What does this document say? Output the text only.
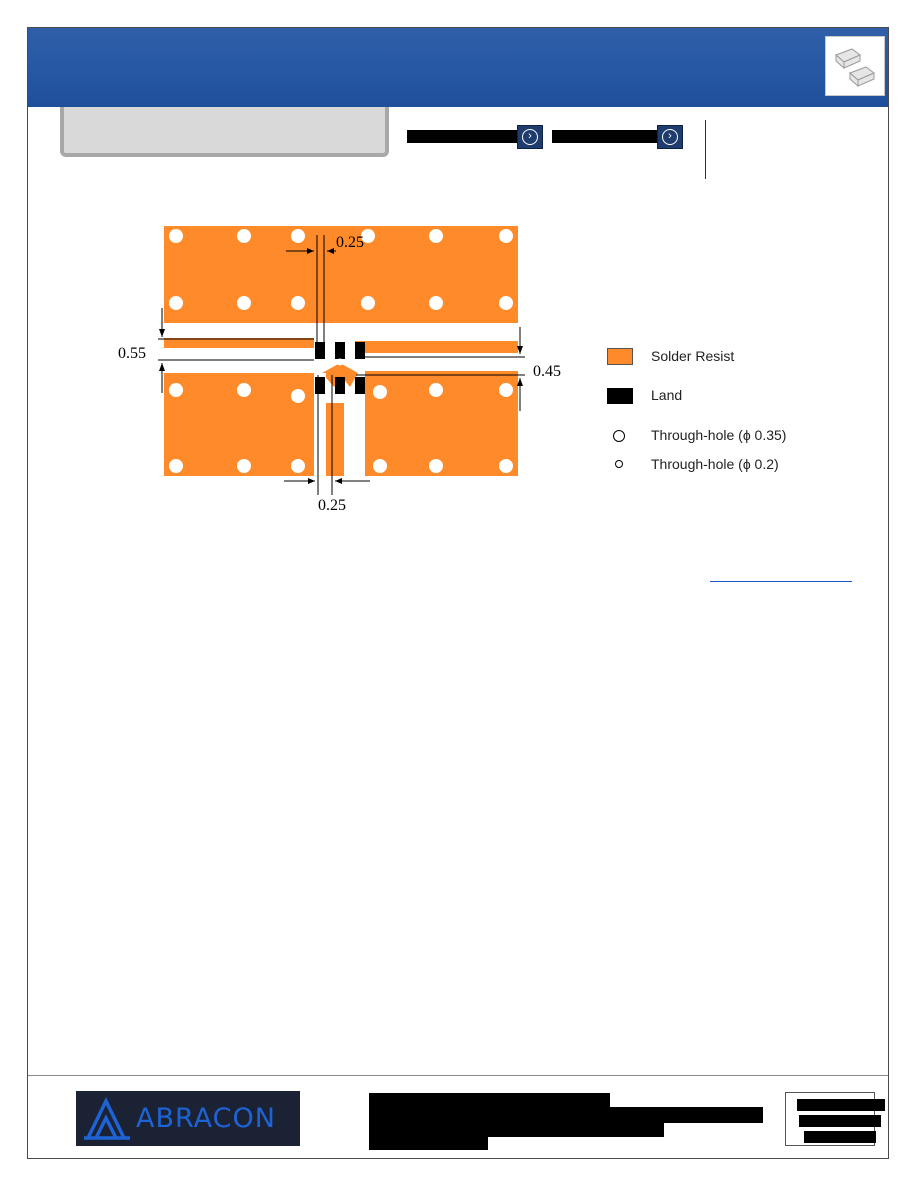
›	›
0.25
0.55
0.45
0.25
Solder Resist
Land
Through-hole (ϕ 0.35)
Through-hole (ϕ 0.2)
ABRACON
